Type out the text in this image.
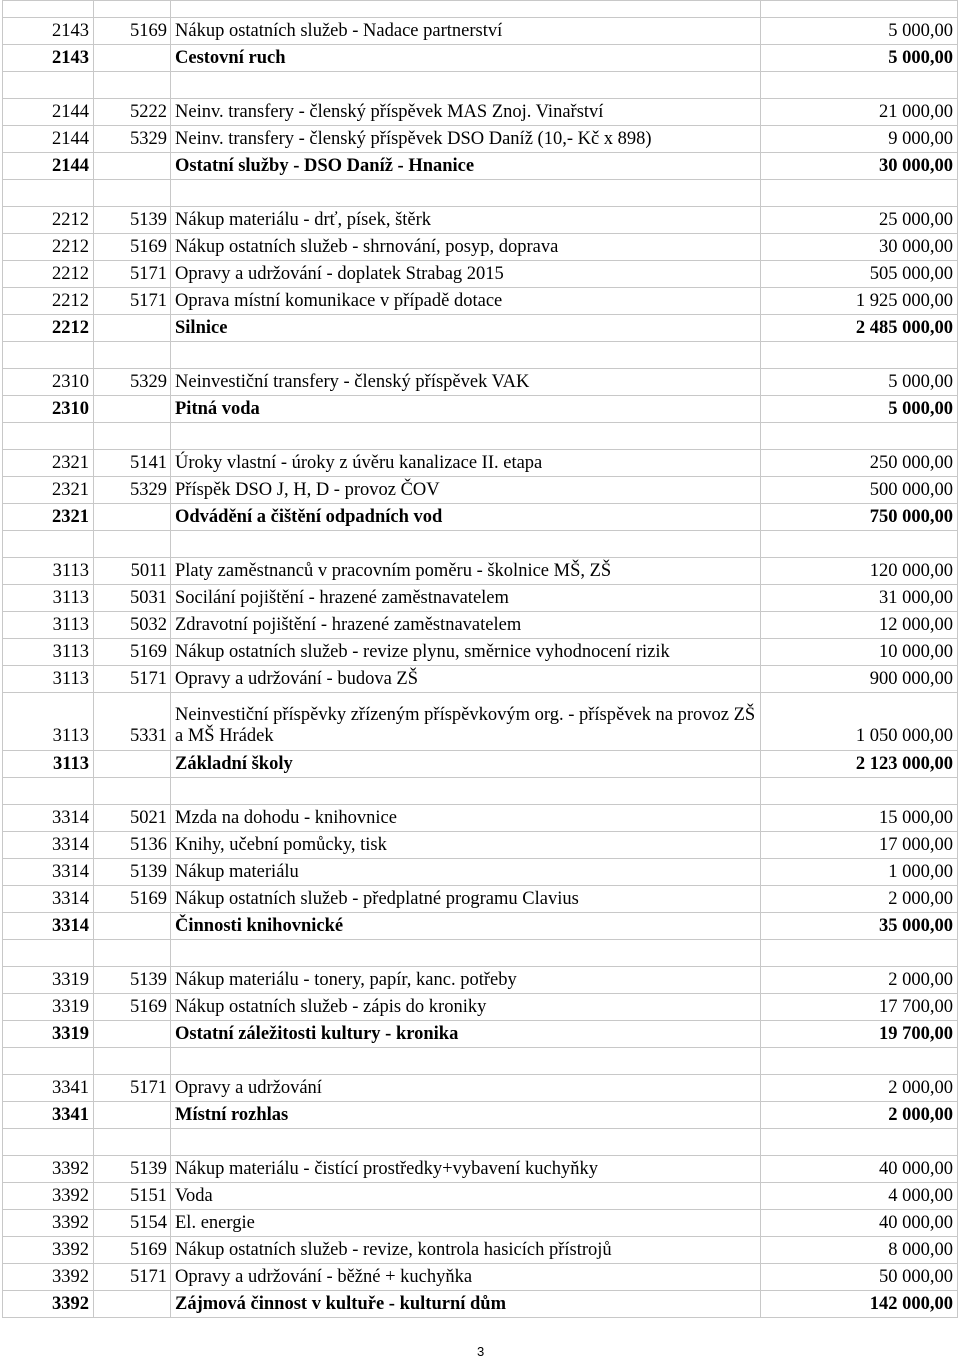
2143	5169	Nákup ostatních služeb - Nadace partnerství	5 000,00
2143		Cestovní ruch	5 000,00

2144	5222	Neinv. transfery - členský příspěvek MAS Znoj. Vinařství	21 000,00
2144	5329	Neinv. transfery - členský příspěvek DSO Daníž (10,- Kč x 898)	9 000,00
2144		Ostatní služby - DSO Daníž - Hnanice	30 000,00

2212	5139	Nákup materiálu - drť, písek, štěrk	25 000,00
2212	5169	Nákup ostatních služeb - shrnování, posyp, doprava	30 000,00
2212	5171	Opravy a udržování - doplatek Strabag 2015	505 000,00
2212	5171	Oprava místní komunikace v případě dotace	1 925 000,00
2212		Silnice	2 485 000,00

2310	5329	Neinvestiční transfery - členský příspěvek VAK	5 000,00
2310		Pitná voda	5 000,00

2321	5141	Úroky vlastní - úroky z úvěru kanalizace II. etapa	250 000,00
2321	5329	Příspěk DSO J, H, D - provoz ČOV	500 000,00
2321		Odvádění a čištění odpadních vod	750 000,00

3113	5011	Platy zaměstnanců v pracovním poměru - školnice MŠ, ZŠ	120 000,00
3113	5031	Socilání pojištění - hrazené zaměstnavatelem	31 000,00
3113	5032	Zdravotní pojištění - hrazené zaměstnavatelem	12 000,00
3113	5169	Nákup ostatních služeb - revize plynu, směrnice vyhodnocení rizik	10 000,00
3113	5171	Opravy a udržování - budova ZŠ	900 000,00
3113	5331	Neinvestiční příspěvky zřízeným příspěvkovým org. - příspěvek na provoz ZŠ a MŠ Hrádek	1 050 000,00
3113		Základní školy	2 123 000,00

3314	5021	Mzda na dohodu - knihovnice	15 000,00
3314	5136	Knihy, učební pomůcky, tisk	17 000,00
3314	5139	Nákup materiálu	1 000,00
3314	5169	Nákup ostatních služeb - předplatné programu Clavius	2 000,00
3314		Činnosti knihovnické	35 000,00

3319	5139	Nákup materiálu - tonery, papír, kanc. potřeby	2 000,00
3319	5169	Nákup ostatních služeb - zápis do kroniky	17 700,00
3319		Ostatní záležitosti kultury - kronika	19 700,00

3341	5171	Opravy a udržování	2 000,00
3341		Místní rozhlas	2 000,00

3392	5139	Nákup materiálu - čistící prostředky+vybavení kuchyňky	40 000,00
3392	5151	Voda	4 000,00
3392	5154	El. energie	40 000,00
3392	5169	Nákup ostatních služeb - revize, kontrola hasicích přístrojů	8 000,00
3392	5171	Opravy a udržování - běžné + kuchyňka	50 000,00
3392		Zájmová činnost v kultuře - kulturní dům	142 000,00
3
